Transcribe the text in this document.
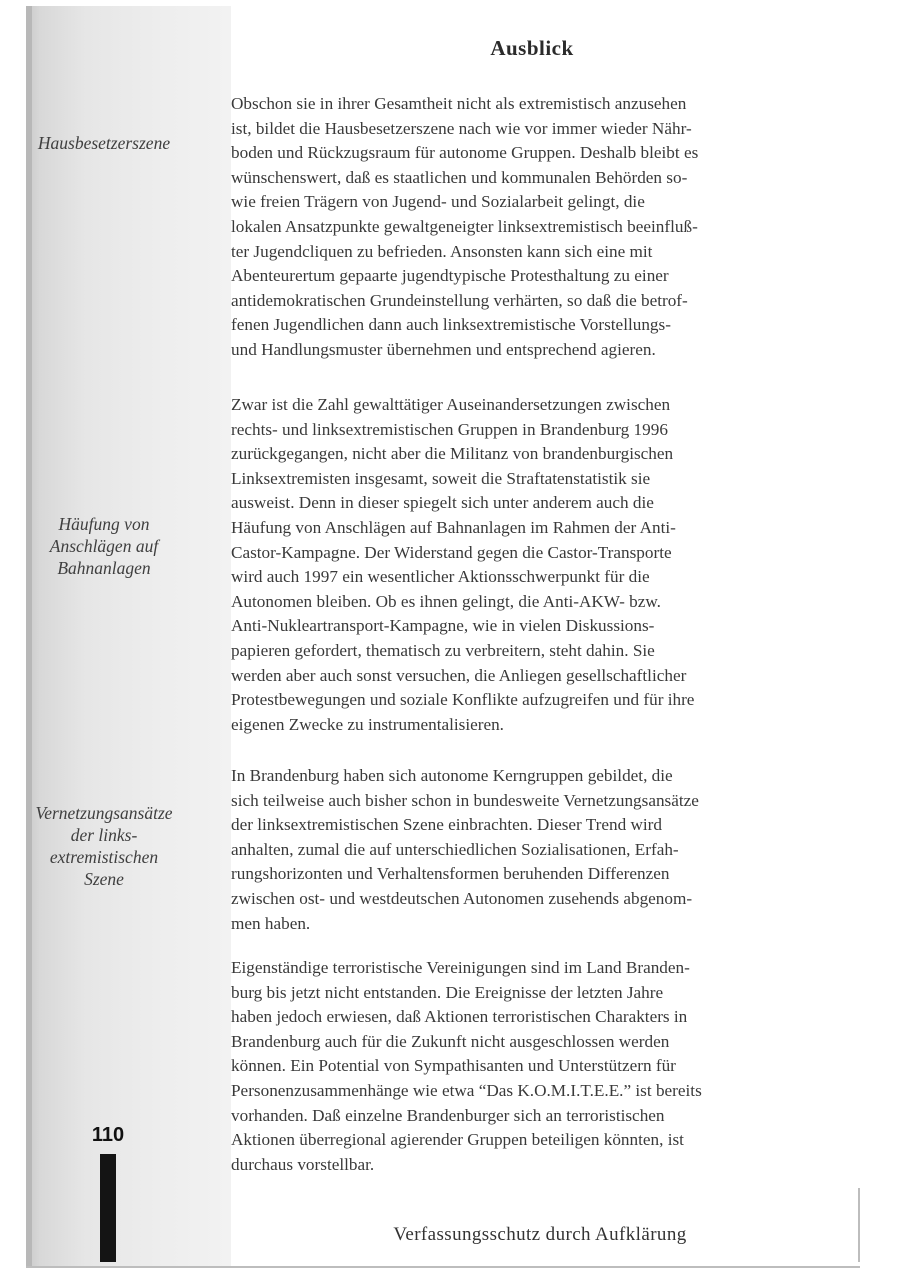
Hausbesetzerszene
Häufung von
Anschlägen auf
Bahnanlagen
Vernetzungsansätze
der links-
extremistischen
Szene
110
Ausblick
Obschon sie in ihrer Gesamtheit nicht als extremistisch anzusehen
ist, bildet die Hausbesetzerszene nach wie vor immer wieder Nähr-
boden und Rückzugsraum für autonome Gruppen. Deshalb bleibt es
wünschenswert, daß es staatlichen und kommunalen Behörden so-
wie freien Trägern von Jugend- und Sozialarbeit gelingt, die
lokalen Ansatzpunkte gewaltgeneigter linksextremistisch beeinfluß-
ter Jugendcliquen zu befrieden. Ansonsten kann sich eine mit
Abenteurertum gepaarte jugendtypische Protesthaltung zu einer
antidemokratischen Grundeinstellung verhärten, so daß die betrof-
fenen Jugendlichen dann auch linksextremistische Vorstellungs-
und Handlungsmuster übernehmen und entsprechend agieren.
Zwar ist die Zahl gewalttätiger Auseinandersetzungen zwischen
rechts- und linksextremistischen Gruppen in Brandenburg 1996
zurückgegangen, nicht aber die Militanz von brandenburgischen
Linksextremisten insgesamt, soweit die Straftatenstatistik sie
ausweist. Denn in dieser spiegelt sich unter anderem auch die
Häufung von Anschlägen auf Bahnanlagen im Rahmen der Anti-
Castor-Kampagne. Der Widerstand gegen die Castor-Transporte
wird auch 1997 ein wesentlicher Aktionsschwerpunkt für die
Autonomen bleiben. Ob es ihnen gelingt, die Anti-AKW- bzw.
Anti-Nukleartransport-Kampagne, wie in vielen Diskussions-
papieren gefordert, thematisch zu verbreitern, steht dahin. Sie
werden aber auch sonst versuchen, die Anliegen gesellschaftlicher
Protestbewegungen und soziale Konflikte aufzugreifen und für ihre
eigenen Zwecke zu instrumentalisieren.
In Brandenburg haben sich autonome Kerngruppen gebildet, die
sich teilweise auch bisher schon in bundesweite Vernetzungsansätze
der linksextremistischen Szene einbrachten. Dieser Trend wird
anhalten, zumal die auf unterschiedlichen Sozialisationen, Erfah-
rungshorizonten und Verhaltensformen beruhenden Differenzen
zwischen ost- und westdeutschen Autonomen zusehends abgenom-
men haben.
Eigenständige terroristische Vereinigungen sind im Land Branden-
burg bis jetzt nicht entstanden. Die Ereignisse der letzten Jahre
haben jedoch erwiesen, daß Aktionen terroristischen Charakters in
Brandenburg auch für die Zukunft nicht ausgeschlossen werden
können. Ein Potential von Sympathisanten und Unterstützern für
Personenzusammenhänge wie etwa “Das K.O.M.I.T.E.E.” ist bereits
vorhanden. Daß einzelne Brandenburger sich an terroristischen
Aktionen überregional agierender Gruppen beteiligen könnten, ist
durchaus vorstellbar.
Verfassungsschutz durch Aufklärung
